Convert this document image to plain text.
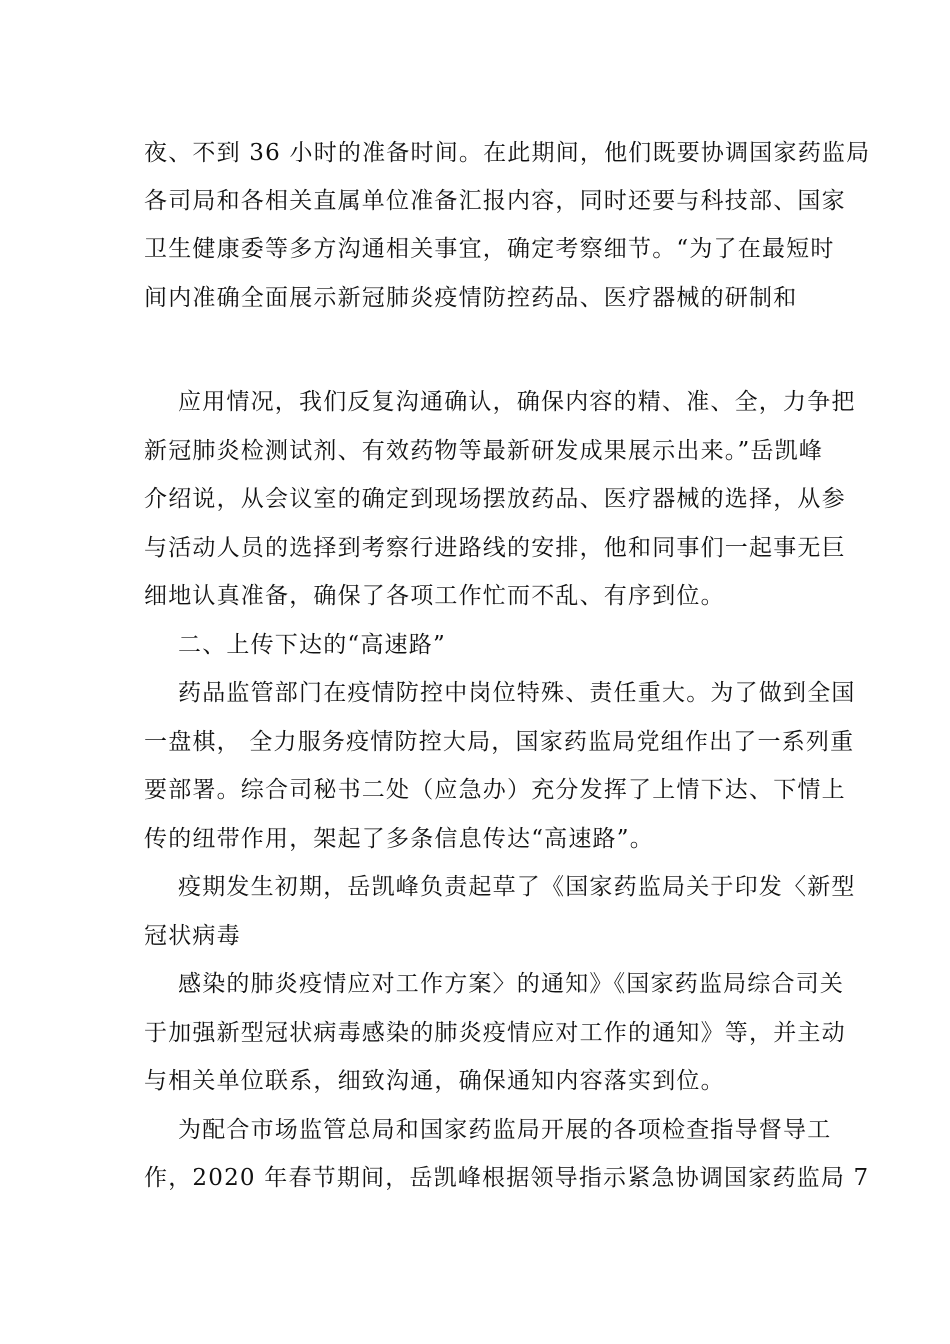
夜、不到 36 小时的准备时间。在此期间，他们既要协调国家药监局
各司局和各相关直属单位准备汇报内容，同时还要与科技部、国家
卫生健康委等多方沟通相关事宜，确定考察细节。“为了在最短时
间内准确全面展示新冠肺炎疫情防控药品、医疗器械的研制和
应用情况，我们反复沟通确认，确保内容的精、准、全，力争把
新冠肺炎检测试剂、有效药物等最新研发成果展示出来。”岳凯峰
介绍说，从会议室的确定到现场摆放药品、医疗器械的选择，从参
与活动人员的选择到考察行进路线的安排，他和同事们一起事无巨
细地认真准备，确保了各项工作忙而不乱、有序到位。
二、上传下达的“高速路”
药品监管部门在疫情防控中岗位特殊、责任重大。为了做到全国
一盘棋， 全力服务疫情防控大局，国家药监局党组作出了一系列重
要部署。综合司秘书二处（应急办）充分发挥了上情下达、下情上
传的纽带作用，架起了多条信息传达“高速路”。
疫期发生初期，岳凯峰负责起草了《国家药监局关于印发〈新型
冠状病毒
感染的肺炎疫情应对工作方案〉的通知》《国家药监局综合司关
于加强新型冠状病毒感染的肺炎疫情应对工作的通知》等，并主动
与相关单位联系，细致沟通，确保通知内容落实到位。
为配合市场监管总局和国家药监局开展的各项检查指导督导工
作，2020 年春节期间，岳凯峰根据领导指示紧急协调国家药监局 7
